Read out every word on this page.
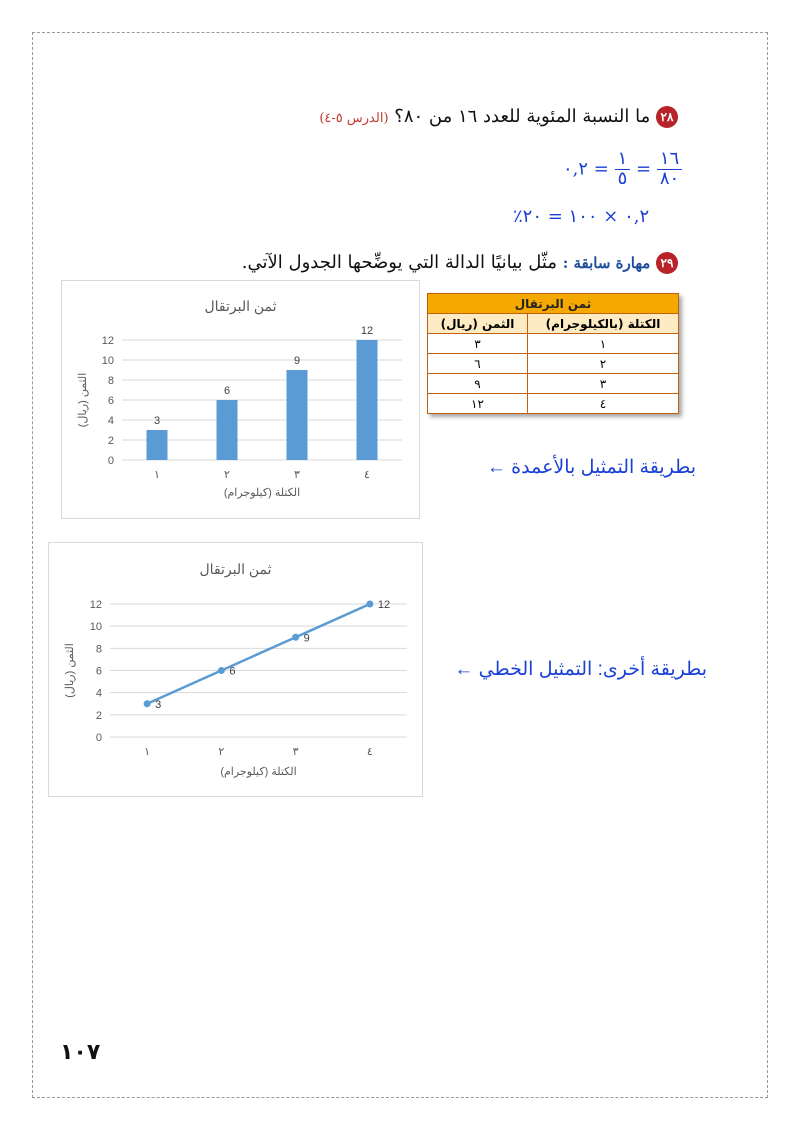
٢٨ ما النسبة المئوية للعدد ١٦ من ٨٠؟ (الدرس ٥-٤)
٠,٢ = $\frac{١}{٥} = \frac{١٦}{٨٠}$
٠,٢ × ١٠٠ = ٢٠٪
٢٩ مهارة سابقة : مثّل بيانيًا الدالة التي يوضِّحها الجدول الآتي.
ثمن البرتقال	
الكتلة (بالكيلوجرام)	الثمن (ريال)
١	٣
٢	٦
٣	٩
٤	١٢
بطريقة التمثيل بالأعمدة ←
بطريقة أخرى: التمثيل الخطي ←
ثمن البرتقال
0
2
4
6
8
10
12
١	٢	٣	٤
الكتلة (كيلوجرام)
الثمن (ريال)	3
6
9
12
ثمن البرتقال
0
2
4
6
8
10
12
١	٢	٣	٤
الكتلة (كيلوجرام)
الثمن (ريال)
3
6
9
12
١٠٧
